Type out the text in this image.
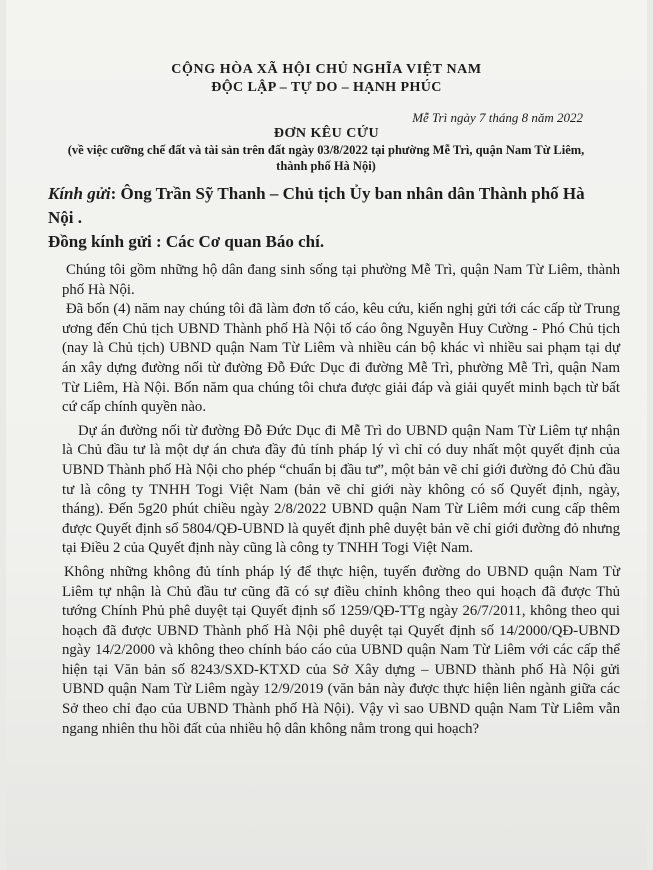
CỘNG HÒA XÃ HỘI CHỦ NGHĨA VIỆT NAM
ĐỘC LẬP – TỰ DO – HẠNH PHÚC
Mễ Trì ngày 7 tháng 8 năm 2022
ĐƠN KÊU CỨU
(về việc cưỡng chế đất và tài sản trên đất ngày 03/8/2022 tại phường Mễ Trì, quận Nam Từ Liêm, thành phố Hà Nội)
Kính gửi: Ông Trần Sỹ Thanh – Chủ tịch Ủy ban nhân dân Thành phố Hà Nội .
Đồng kính gửi : Các Cơ quan Báo chí.

Chúng tôi gồm những hộ dân đang sinh sống tại phường Mễ Trì, quận Nam Từ Liêm, thành phố Hà Nội.

Đã bốn (4) năm nay chúng tôi đã làm đơn tố cáo, kêu cứu, kiến nghị gửi tới các cấp từ Trung ương đến Chủ tịch UBND Thành phố Hà Nội tố cáo ông Nguyễn Huy Cường - Phó Chủ tịch (nay là Chủ tịch) UBND quận Nam Từ Liêm và nhiều cán bộ khác vì nhiều sai phạm tại dự án xây dựng đường nối từ đường Đỗ Đức Dục đi đường Mễ Trì, phường Mễ Trì, quận Nam Từ Liêm, Hà Nội. Bốn năm qua chúng tôi chưa được giải đáp và giải quyết minh bạch từ bất cứ cấp chính quyền nào.

Dự án đường nối từ đường Đỗ Đức Dục đi Mễ Trì do UBND quận Nam Từ Liêm tự nhận là Chủ đầu tư là một dự án chưa đầy đủ tính pháp lý vì chỉ có duy nhất một quyết định của UBND Thành phố Hà Nội cho phép “chuẩn bị đầu tư”, một bản vẽ chỉ giới đường đỏ Chủ đầu tư là công ty TNHH Togi Việt Nam (bản vẽ chỉ giới này không có số Quyết định, ngày, tháng). Đến 5g20 phút chiều ngày 2/8/2022 UBND quận Nam Từ Liêm mới cung cấp thêm được Quyết định số 5804/QĐ-UBND là quyết định phê duyệt bản vẽ chỉ giới đường đỏ nhưng tại Điều 2 của Quyết định này cũng là công ty TNHH Togi Việt Nam.

Không những không đủ tính pháp lý để thực hiện, tuyến đường do UBND quận Nam Từ Liêm tự nhận là Chủ đầu tư cũng đã có sự điều chỉnh không theo qui hoạch đã được Thủ tướng Chính Phủ phê duyệt tại Quyết định số 1259/QĐ-TTg ngày 26/7/2011, không theo qui hoạch đã được UBND Thành phố Hà Nội phê duyệt tại Quyết định số 14/2000/QĐ-UBND ngày 14/2/2000 và không theo chính báo cáo của UBND quận Nam Từ Liêm với các cấp thể hiện tại Văn bản số 8243/SXD-KTXD của Sở Xây dựng – UBND thành phố Hà Nội gửi UBND quận Nam Từ Liêm ngày 12/9/2019 (văn bản này được thực hiện liên ngành giữa các Sở theo chỉ đạo của UBND Thành phố Hà Nội). Vậy vì sao UBND quận Nam Từ Liêm vẫn ngang nhiên thu hồi đất của nhiều hộ dân không nằm trong qui hoạch?
